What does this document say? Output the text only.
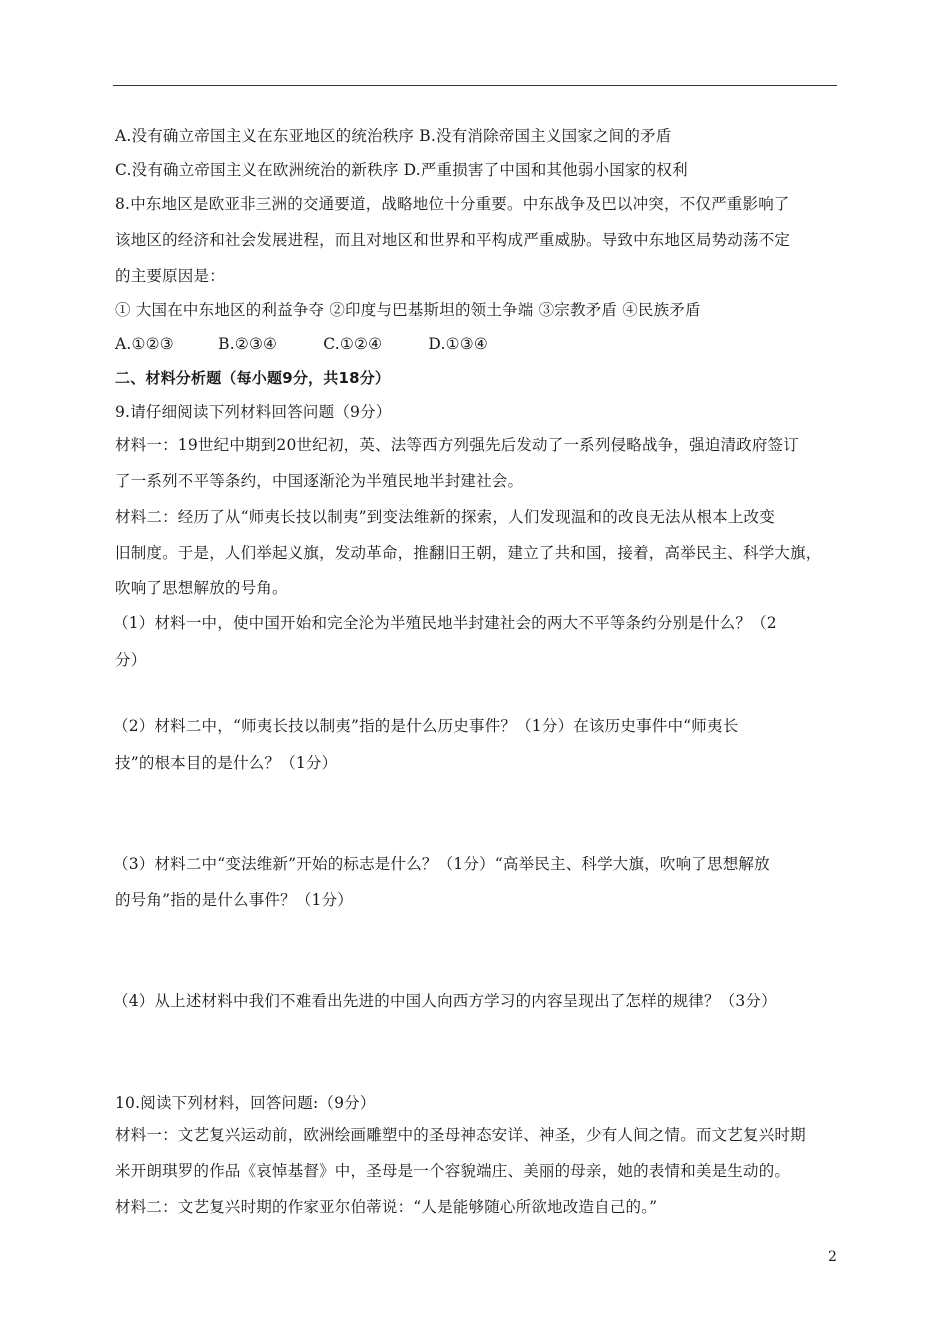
A.没有确立帝国主义在东亚地区的统治秩序 B.没有消除帝国主义国家之间的矛盾
C.没有确立帝国主义在欧洲统治的新秩序 D.严重损害了中国和其他弱小国家的权利
8.中东地区是欧亚非三洲的交通要道，战略地位十分重要。中东战争及巴以冲突，不仅严重影响了
该地区的经济和社会发展进程，而且对地区和世界和平构成严重威胁。导致中东地区局势动荡不定
的主要原因是：
① 大国在中东地区的利益争夺 ②印度与巴基斯坦的领土争端 ③宗教矛盾 ④民族矛盾
A.①②③	B.②③④	C.①②④	D.①③④
二、材料分析题（每小题9分，共18分）
9.请仔细阅读下列材料回答问题（9分）
材料一：19世纪中期到20世纪初，英、法等西方列强先后发动了一系列侵略战争，强迫清政府签订
了一系列不平等条约，中国逐渐沦为半殖民地半封建社会。
材料二：经历了从“师夷长技以制夷”到变法维新的探索，人们发现温和的改良无法从根本上改变
旧制度。于是，人们举起义旗，发动革命，推翻旧王朝，建立了共和国，接着，高举民主、科学大旗，
吹响了思想解放的号角。
（1）材料一中，使中国开始和完全沦为半殖民地半封建社会的两大不平等条约分别是什么？（2
分）
（2）材料二中，“师夷长技以制夷”指的是什么历史事件？（1分）在该历史事件中“师夷长
技”的根本目的是什么？（1分）
（3）材料二中“变法维新”开始的标志是什么？（1分）“高举民主、科学大旗，吹响了思想解放
的号角”指的是什么事件？（1分）
（4）从上述材料中我们不难看出先进的中国人向西方学习的内容呈现出了怎样的规律？（3分）
10.阅读下列材料，回答问题:（9分）
材料一：文艺复兴运动前，欧洲绘画雕塑中的圣母神态安详、神圣，少有人间之情。而文艺复兴时期
米开朗琪罗的作品《哀悼基督》中，圣母是一个容貌端庄、美丽的母亲，她的表情和美是生动的。
材料二：文艺复兴时期的作家亚尔伯蒂说：“人是能够随心所欲地改造自己的。”
2
